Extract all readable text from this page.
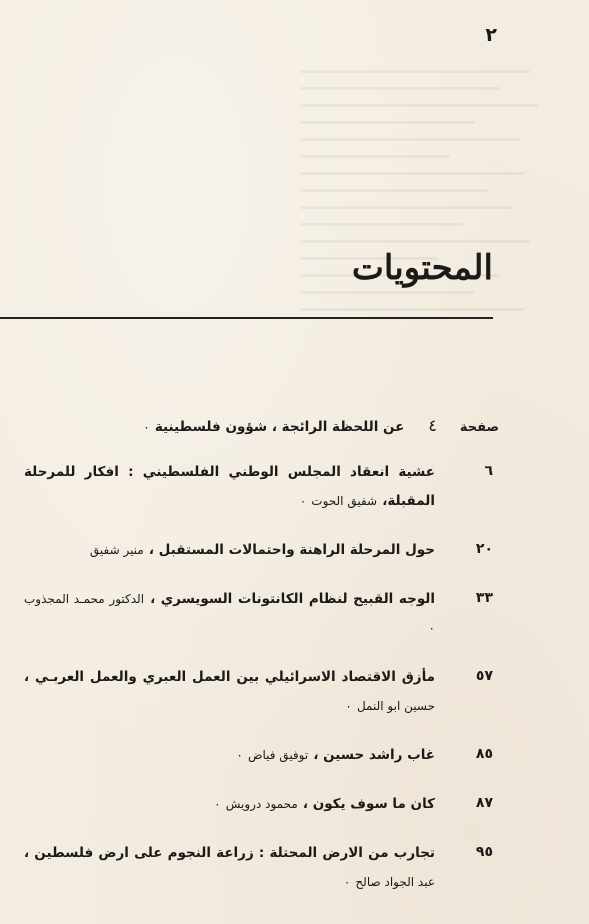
٢
المحتويات
صفحة
٤
عن اللحظة الرائجة ، شؤون فلسطينية ٠
٦
عشية انعقاد المجلس الوطني الفلسطيني : افكار للمرحلة المقبلة، شفيق الحوت ٠
٢٠
حول المرحلة الراهنة واحتمالات المستقبل ، منير شفيق
٣٣
الوجه القبيح لنظام الكانتونات السويسري ، الدكتور محمـد المجذوب ٠
٥٧
مأزق الاقتصاد الاسرائيلي بين العمل العبري والعمل العربـي ، حسين ابو النمل ٠
٨٥
غاب راشد حسين ، توفيق فياض ٠
٨٧
كان ما سوف يكون ، محمود درويش ٠
٩٥
تجارب من الارض المحتلة : زراعة النجوم على ارض فلسطين ، عبد الجواد صالح ٠
